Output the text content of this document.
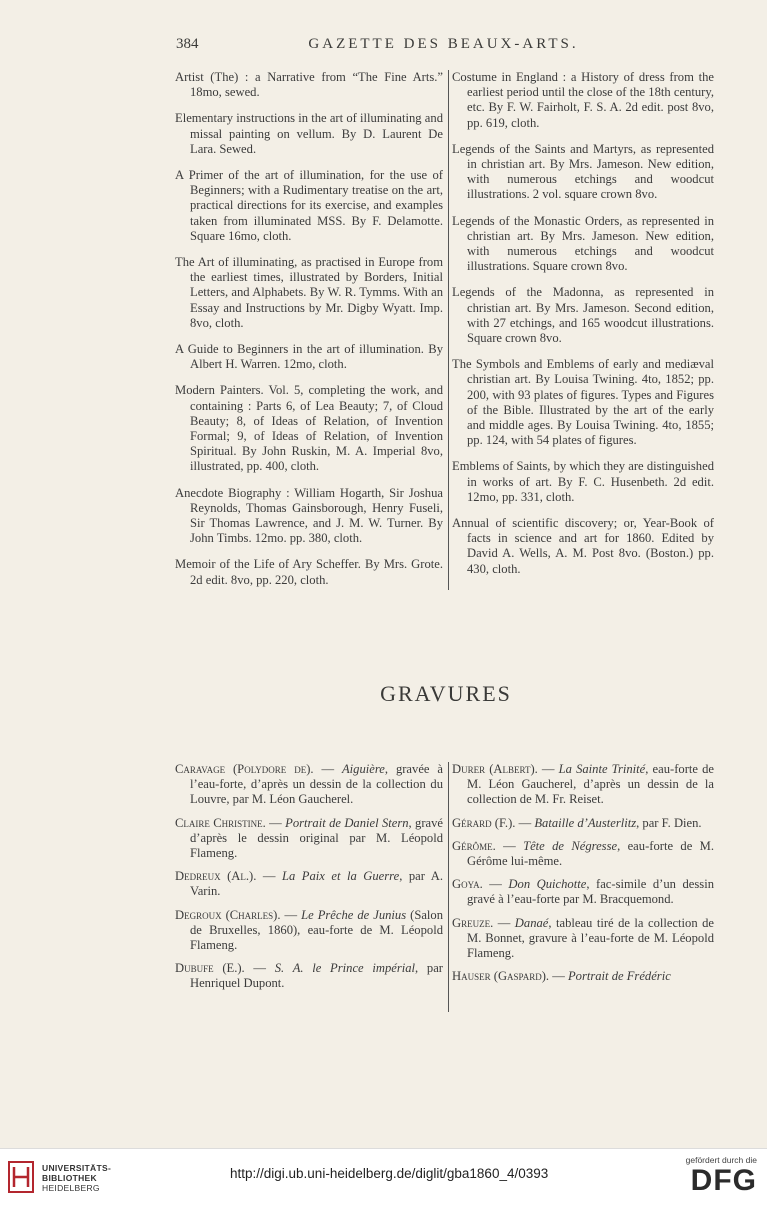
384	GAZETTE DES BEAUX-ARTS.

Artist (The) : a Narrative from “The Fine Arts.” 18mo, sewed.

Elementary instructions in the art of illuminating and missal painting on vellum. By D. Laurent De Lara. Sewed.

A Primer of the art of illumination, for the use of Beginners; with a Rudimentary treatise on the art, practical directions for its exercise, and examples taken from illuminated MSS. By F. Delamotte. Square 16mo, cloth.

The Art of illuminating, as practised in Europe from the earliest times, illustrated by Borders, Initial Letters, and Alphabets. By W. R. Tymms. With an Essay and Instructions by Mr. Digby Wyatt. Imp. 8vo, cloth.

A Guide to Beginners in the art of illumination. By Albert H. Warren. 12mo, cloth.

Modern Painters. Vol. 5, completing the work, and containing : Parts 6, of Lea Beauty; 7, of Cloud Beauty; 8, of Ideas of Relation, of Invention Formal; 9, of Ideas of Relation, of Invention Spiritual. By John Ruskin, M. A. Imperial 8vo, illustrated, pp. 400, cloth.

Anecdote Biography : William Hogarth, Sir Joshua Reynolds, Thomas Gainsborough, Henry Fuseli, Sir Thomas Lawrence, and J. M. W. Turner. By John Timbs. 12mo. pp. 380, cloth.

Memoir of the Life of Ary Scheffer. By Mrs. Grote. 2d edit. 8vo, pp. 220, cloth.

Costume in England : a History of dress from the earliest period until the close of the 18th century, etc. By F. W. Fairholt, F. S. A. 2d edit. post 8vo, pp. 619, cloth.

Legends of the Saints and Martyrs, as represented in christian art. By Mrs. Jameson. New edition, with numerous etchings and woodcut illustrations. 2 vol. square crown 8vo.

Legends of the Monastic Orders, as represented in christian art. By Mrs. Jameson. New edition, with numerous etchings and woodcut illustrations. Square crown 8vo.

Legends of the Madonna, as represented in christian art. By Mrs. Jameson. Second edition, with 27 etchings, and 165 woodcut illustrations. Square crown 8vo.

The Symbols and Emblems of early and mediæval christian art. By Louisa Twining. 4to, 1852; pp. 200, with 93 plates of figures. Types and Figures of the Bible. Illustrated by the art of the early and middle ages. By Louisa Twining. 4to, 1855; pp. 124, with 54 plates of figures.

Emblems of Saints, by which they are distinguished in works of art. By F. C. Husenbeth. 2d edit. 12mo, pp. 331, cloth.

Annual of scientific discovery; or, Year-Book of facts in science and art for 1860. Edited by David A. Wells, A. M. Post 8vo. (Boston.) pp. 430, cloth.

GRAVURES

Caravage (Polydore de). — Aiguière, gravée à l’eau-forte, d’après un dessin de la collection du Louvre, par M. Léon Gaucherel.

Claire Christine. — Portrait de Daniel Stern, gravé d’après le dessin original par M. Léopold Flameng.

Dedreux (Al.). — La Paix et la Guerre, par A. Varin.

Degroux (Charles). — Le Prêche de Junius (Salon de Bruxelles, 1860), eau-forte de M. Léopold Flameng.

Dubufe (E.). — S. A. le Prince impérial, par Henriquel Dupont.

Durer (Albert). — La Sainte Trinité, eau-forte de M. Léon Gaucherel, d’après un dessin de la collection de M. Fr. Reiset.

Gérard (F.). — Bataille d’Austerlitz, par F. Dien.

Gérôme. — Tête de Négresse, eau-forte de M. Gérôme lui-même.

Goya. — Don Quichotte, fac-simile d’un dessin gravé à l’eau-forte par M. Bracquemond.

Greuze. — Danaé, tableau tiré de la collection de M. Bonnet, gravure à l’eau-forte de M. Léopold Flameng.

Hauser (Gaspard). — Portrait de Frédéric

UNIVERSITÄTS-
BIBLIOTHEK
HEIDELBERG
http://digi.ub.uni-heidelberg.de/diglit/gba1860_4/0393
gefördert durch die
DFG
